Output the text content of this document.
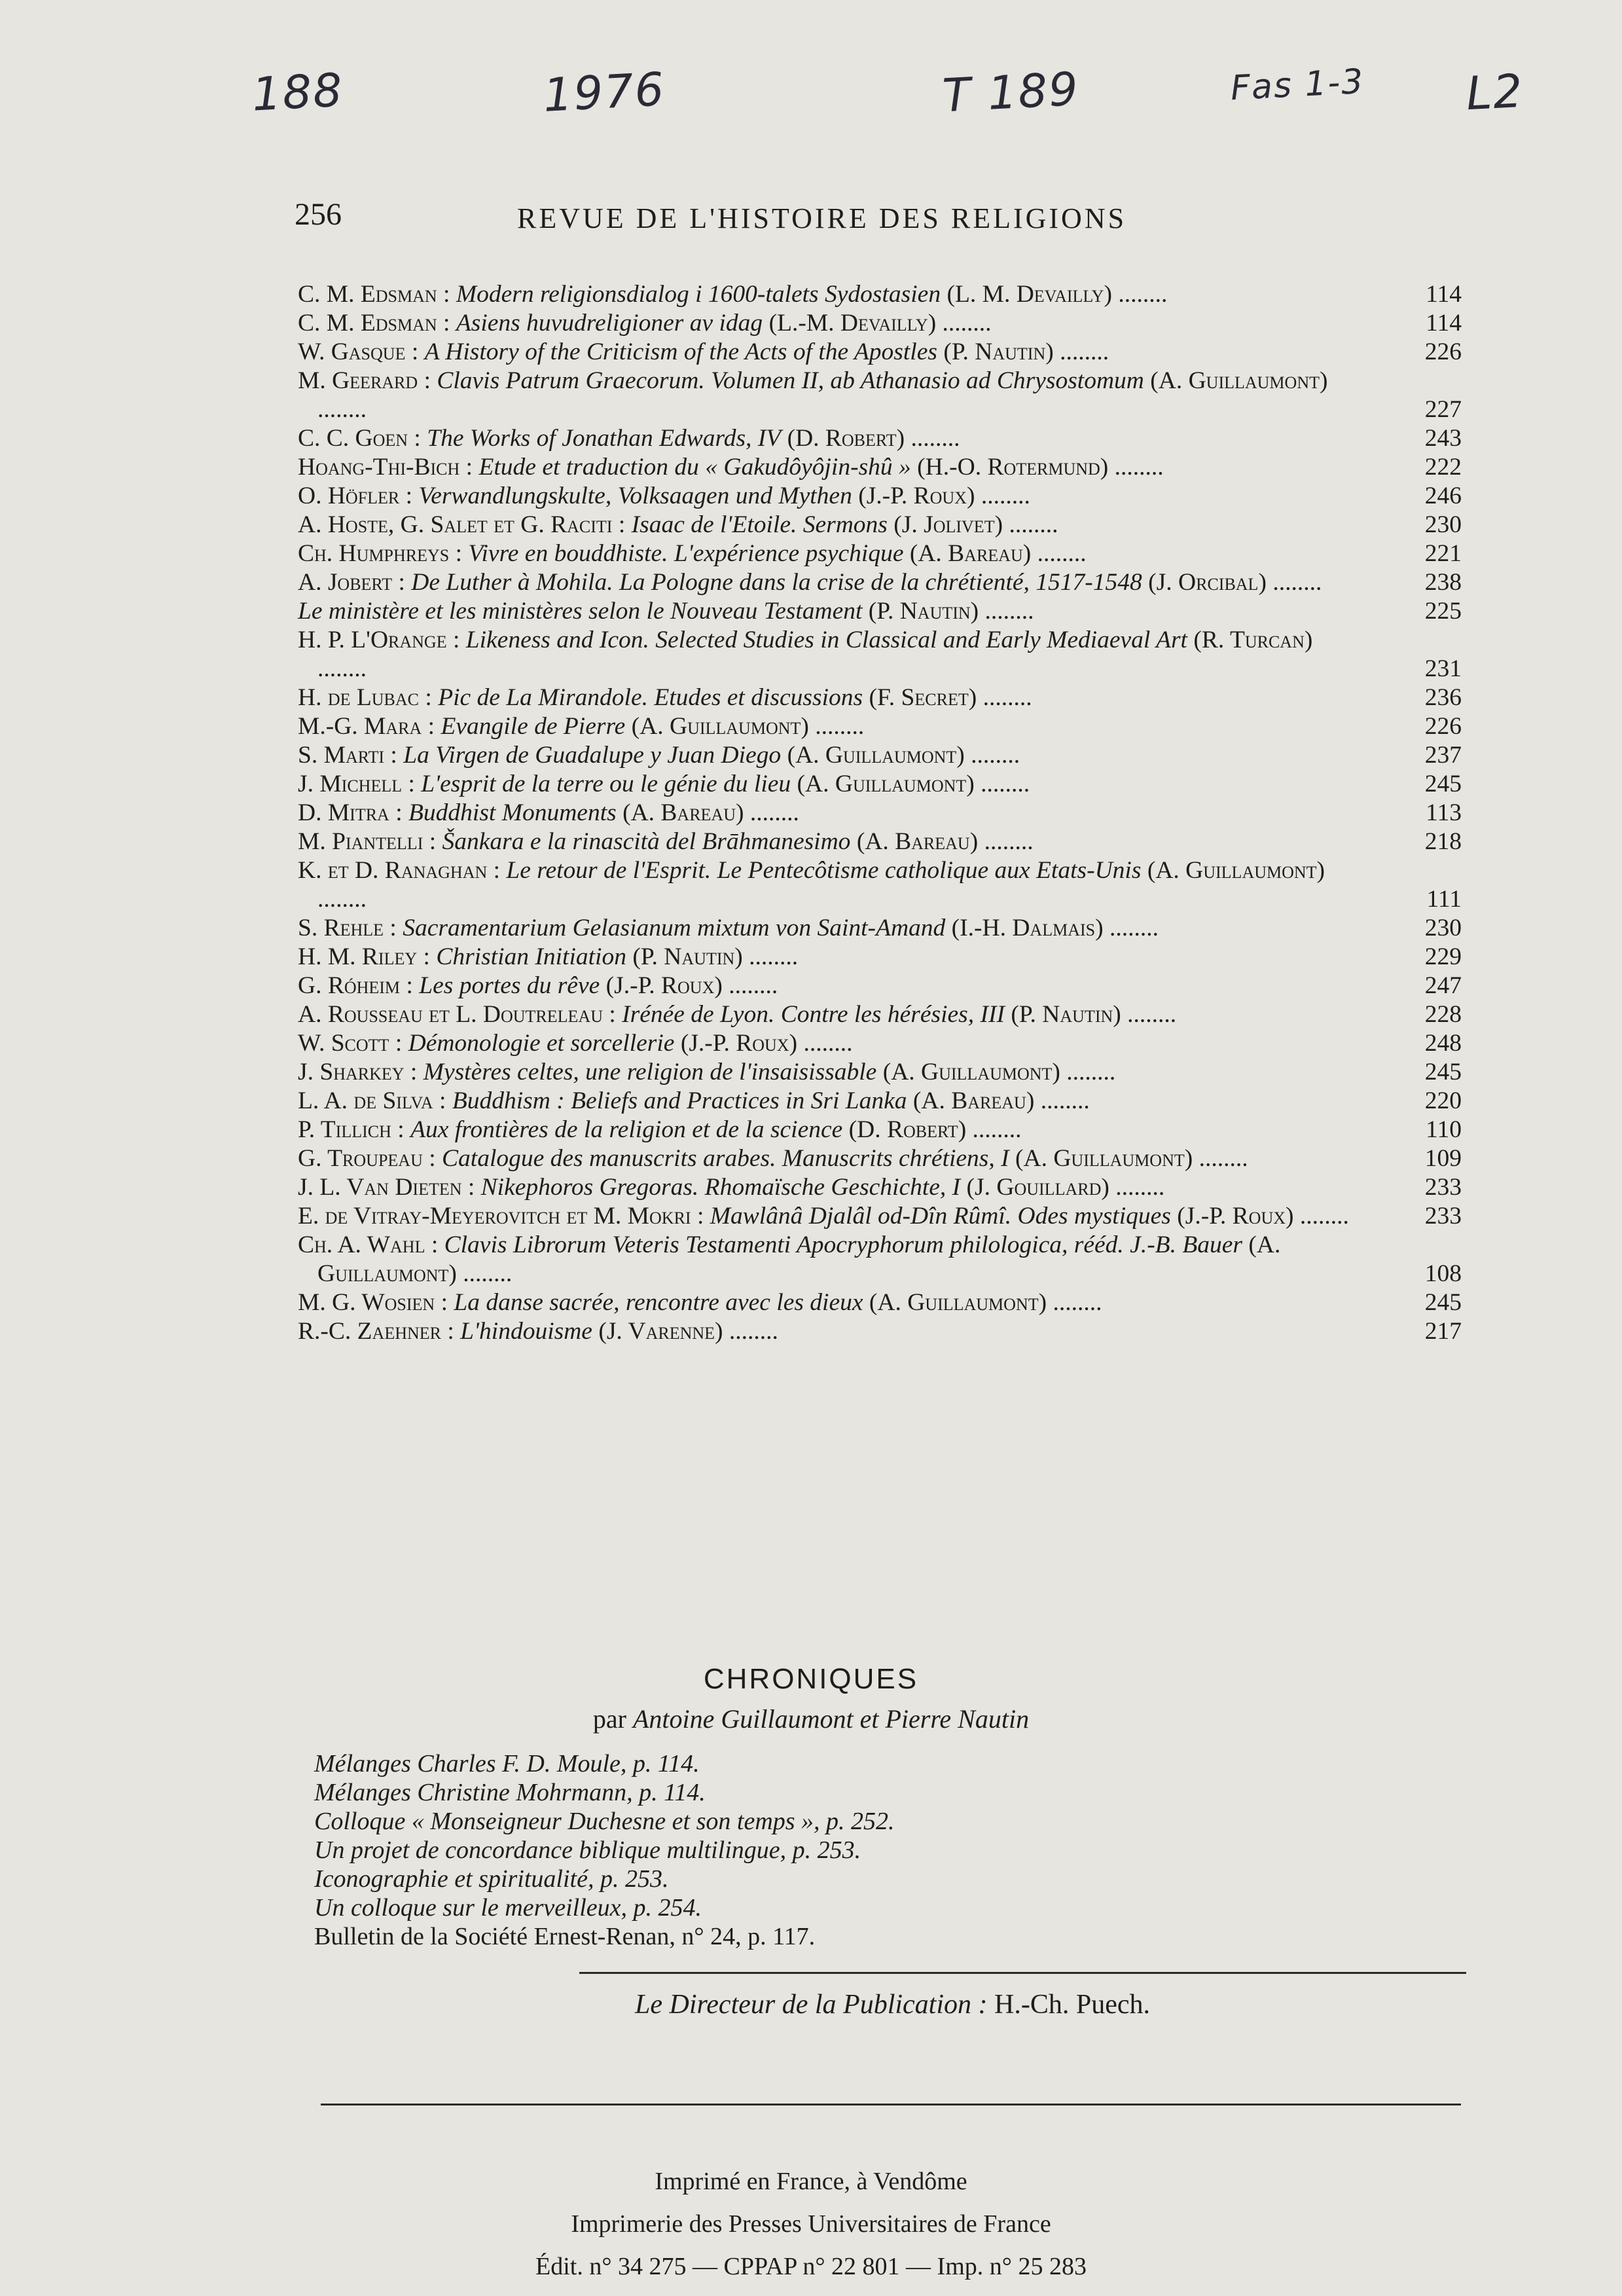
188	1976	T 189	Fas 1-3 L2
256	REVUE DE L'HISTOIRE DES RELIGIONS
C. M. Edsman : Modern religionsdialog i 1600-talets Sydostasien (L. M. Devailly) ........	114
C. M. Edsman : Asiens huvudreligioner av idag (L.-M. Devailly) ........	114
W. Gasque : A History of the Criticism of the Acts of the Apostles (P. Nautin) ........	226
M. Geerard : Clavis Patrum Graecorum. Volumen II, ab Athanasio ad Chrysostomum (A. Guillaumont) ........	227
C. C. Goen : The Works of Jonathan Edwards, IV (D. Robert) ........	243
Hoang-Thi-Bich : Etude et traduction du « Gakudôyôjin-shû » (H.-O. Rotermund) ........	222
O. Höfler : Verwandlungskulte, Volksaagen und Mythen (J.-P. Roux) ........	246
A. Hoste, G. Salet et G. Raciti : Isaac de l'Etoile. Sermons (J. Jolivet) ........	230
Ch. Humphreys : Vivre en bouddhiste. L'expérience psychique (A. Bareau) ........	221
A. Jobert : De Luther à Mohila. La Pologne dans la crise de la chrétienté, 1517-1548 (J. Orcibal) ........	238
Le ministère et les ministères selon le Nouveau Testament (P. Nautin) ........	225
H. P. L'Orange : Likeness and Icon. Selected Studies in Classical and Early Mediaeval Art (R. Turcan) ........	231
H. de Lubac : Pic de La Mirandole. Etudes et discussions (F. Secret) ........	236
M.-G. Mara : Evangile de Pierre (A. Guillaumont) ........	226
S. Marti : La Virgen de Guadalupe y Juan Diego (A. Guillaumont) ........	237
J. Michell : L'esprit de la terre ou le génie du lieu (A. Guillaumont) ........	245
D. Mitra : Buddhist Monuments (A. Bareau) ........	113
M. Piantelli : Šankara e la rinascità del Brāhmanesimo (A. Bareau) ........	218
K. et D. Ranaghan : Le retour de l'Esprit. Le Pentecôtisme catholique aux Etats-Unis (A. Guillaumont) ........	111
S. Rehle : Sacramentarium Gelasianum mixtum von Saint-Amand (I.-H. Dalmais) ........	230
H. M. Riley : Christian Initiation (P. Nautin) ........	229
G. Róheim : Les portes du rêve (J.-P. Roux) ........	247
A. Rousseau et L. Doutreleau : Irénée de Lyon. Contre les hérésies, III (P. Nautin) ........	228
W. Scott : Démonologie et sorcellerie (J.-P. Roux) ........	248
J. Sharkey : Mystères celtes, une religion de l'insaisissable (A. Guillaumont) ........	245
L. A. de Silva : Buddhism : Beliefs and Practices in Sri Lanka (A. Bareau) ........	220
P. Tillich : Aux frontières de la religion et de la science (D. Robert) ........	110
G. Troupeau : Catalogue des manuscrits arabes. Manuscrits chrétiens, I (A. Guillaumont) ........	109
J. L. Van Dieten : Nikephoros Gregoras. Rhomaïsche Geschichte, I (J. Gouillard) ........	233
E. de Vitray-Meyerovitch et M. Mokri : Mawlânâ Djalâl od-Dîn Rûmî. Odes mystiques (J.-P. Roux) ........	233
Ch. A. Wahl : Clavis Librorum Veteris Testamenti Apocryphorum philologica, rééd. J.-B. Bauer (A. Guillaumont) ........	108
M. G. Wosien : La danse sacrée, rencontre avec les dieux (A. Guillaumont) ........	245
R.-C. Zaehner : L'hindouisme (J. Varenne) ........	217
CHRONIQUES
par Antoine Guillaumont et Pierre Nautin
Mélanges Charles F. D. Moule, p. 114.
Mélanges Christine Mohrmann, p. 114.
Colloque « Monseigneur Duchesne et son temps », p. 252.
Un projet de concordance biblique multilingue, p. 253.
Iconographie et spiritualité, p. 253.
Un colloque sur le merveilleux, p. 254.
Bulletin de la Société Ernest-Renan, n° 24, p. 117.
Le Directeur de la Publication : H.-Ch. Puech.
Imprimé en France, à Vendôme
Imprimerie des Presses Universitaires de France
Édit. n° 34 275 — CPPAP n° 22 801 — Imp. n° 25 283
